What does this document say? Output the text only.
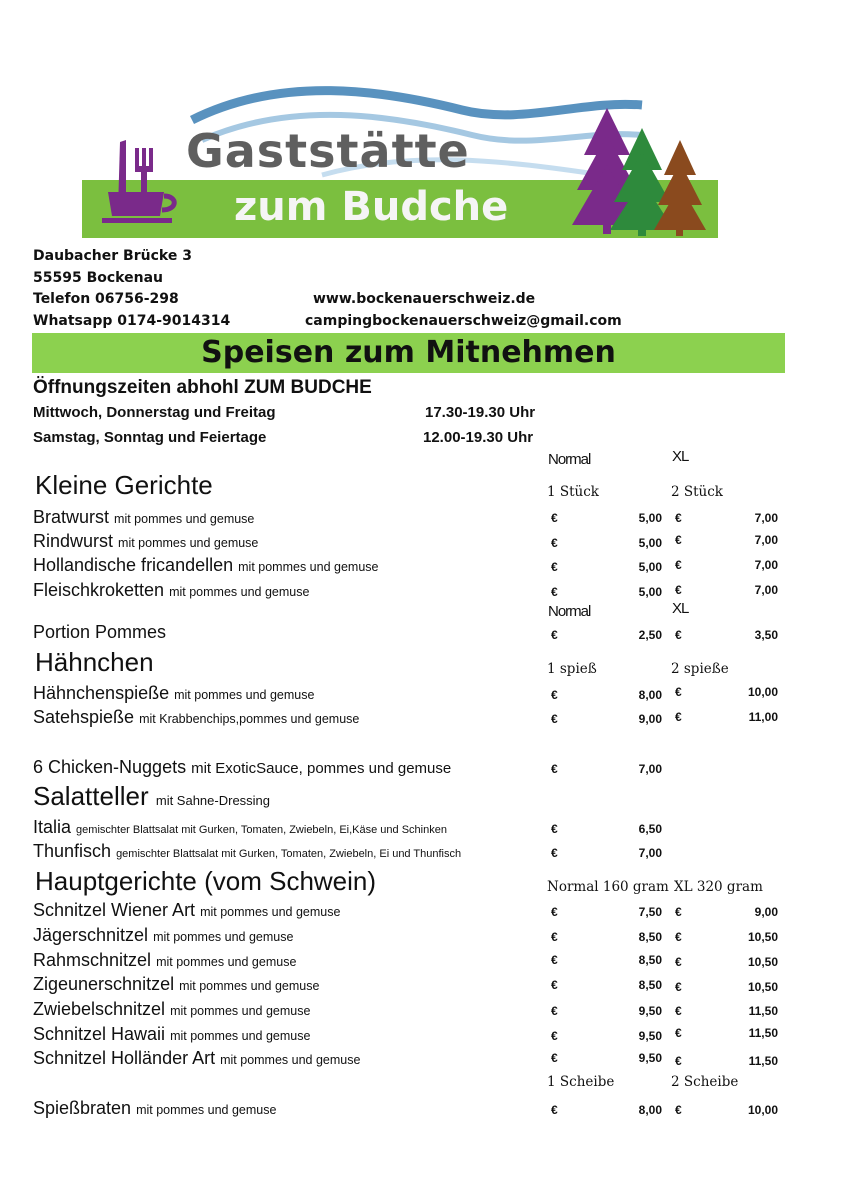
Gaststätte
zum Budche
Daubacher Brücke 3
55595 Bockenau
Telefon 06756-298
Whatsapp 0174-9014314
www.bockenauerschweiz.de
campingbockenauerschweiz@gmail.com
Speisen zum Mitnehmen
Öffnungszeiten abhohl ZUM BUDCHE
Mittwoch, Donnerstag und Freitag	17.30-19.30 Uhr
Samstag, Sonntag und Feiertage	12.00-19.30 Uhr
Normal	XL
Kleine Gerichte	1 Stück	2 Stück
Bratwurst mit pommes und gemuse	€	5,00 €	7,00
Rindwurst mit pommes und gemuse	€	5,00 €	7,00
Hollandische fricandellen mit pommes und gemuse	€	5,00 €	7,00
Fleischkroketten mit pommes und gemuse	€	5,00 €	7,00
Normal	XL
Portion Pommes	€	2,50 €	3,50
Hähnchen	1 spieß	2 spieße
Hähnchenspieße mit pommes und gemuse	€	8,00 €	10,00
Satehspieße mit Krabbenchips,pommes und gemuse	€	9,00 €	11,00
6 Chicken-Nuggets mit ExoticSauce, pommes und gemuse	€	7,00
Salatteller mit Sahne-Dressing
Italia gemischter Blattsalat mit Gurken, Tomaten, Zwiebeln, Ei,Käse und Schinken	€	6,50
Thunfisch gemischter Blattsalat mit Gurken, Tomaten, Zwiebeln, Ei und Thunfisch	€	7,00
Hauptgerichte (vom Schwein)	Normal 160 gram XL 320 gram
Schnitzel Wiener Art mit pommes und gemuse	€	7,50 €	9,00
Jägerschnitzel mit pommes und gemuse	€	8,50 €	10,50
Rahmschnitzel mit pommes und gemuse	€	8,50 €	10,50
Zigeunerschnitzel mit pommes und gemuse	€	8,50 €	10,50
Zwiebelschnitzel mit pommes und gemuse	€	9,50 €	11,50
Schnitzel Hawaii mit pommes und gemuse	€	9,50 €	11,50
Schnitzel Holländer Art mit pommes und gemuse	€	9,50 €	11,50
1 Scheibe	2 Scheibe
Spießbraten mit pommes und gemuse	€	8,00 €	10,00
